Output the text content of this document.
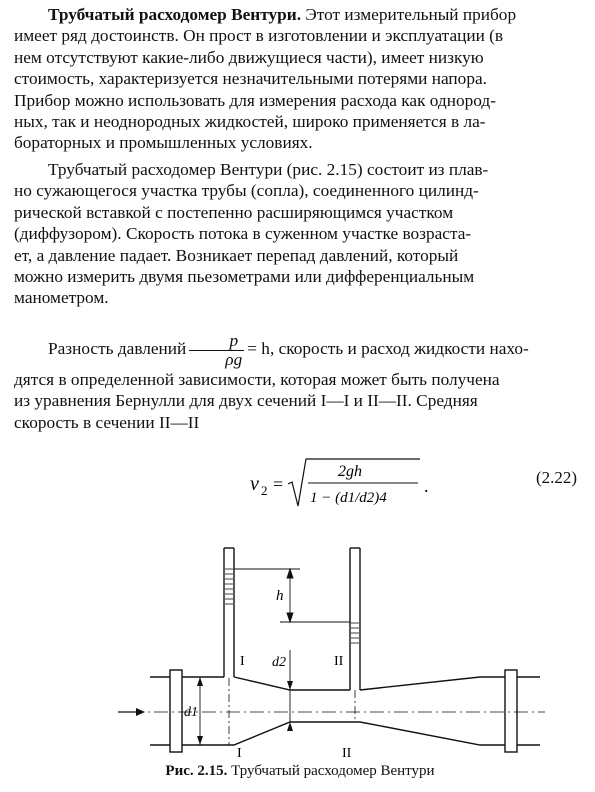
Трубчатый расходомер Вентури. Этот измерительный прибор
имеет ряд достоинств. Он прост в изготовлении и эксплуатации (в
нем отсутствуют какие-либо движущиеся части), имеет низкую
стоимость, характеризуется незначительными потерями напора.
Прибор можно использовать для измерения расхода как однород-
ных, так и неоднородных жидкостей, широко применяется в ла-
бораторных и промышленных условиях.
Трубчатый расходомер Вентури (рис. 2.15) состоит из плав-
но сужающегося участка трубы (сопла), соединенного цилинд-
рической вставкой с постепенно расширяющимся участком
(диффузором). Скорость потока в суженном участке возраста-
ет, а давление падает. Возникает перепад давлений, который
можно измерить двумя пьезометрами или дифференциальным
манометром.
Разность давлений $\frac{p}{\rho g} = h$, скорость и расход жидкости нахо-
дятся в определенной зависимости, которая может быть получена
из уравнения Бернулли для двух сечений I—I и II—II. Средняя
скорость в сечении II—II
v 2 =
2gh
1 − (d1/d2)4
.	(2.22)
h
d1
d2
I
I
II
II
Рис. 2.15. Трубчатый расходомер Вентури
